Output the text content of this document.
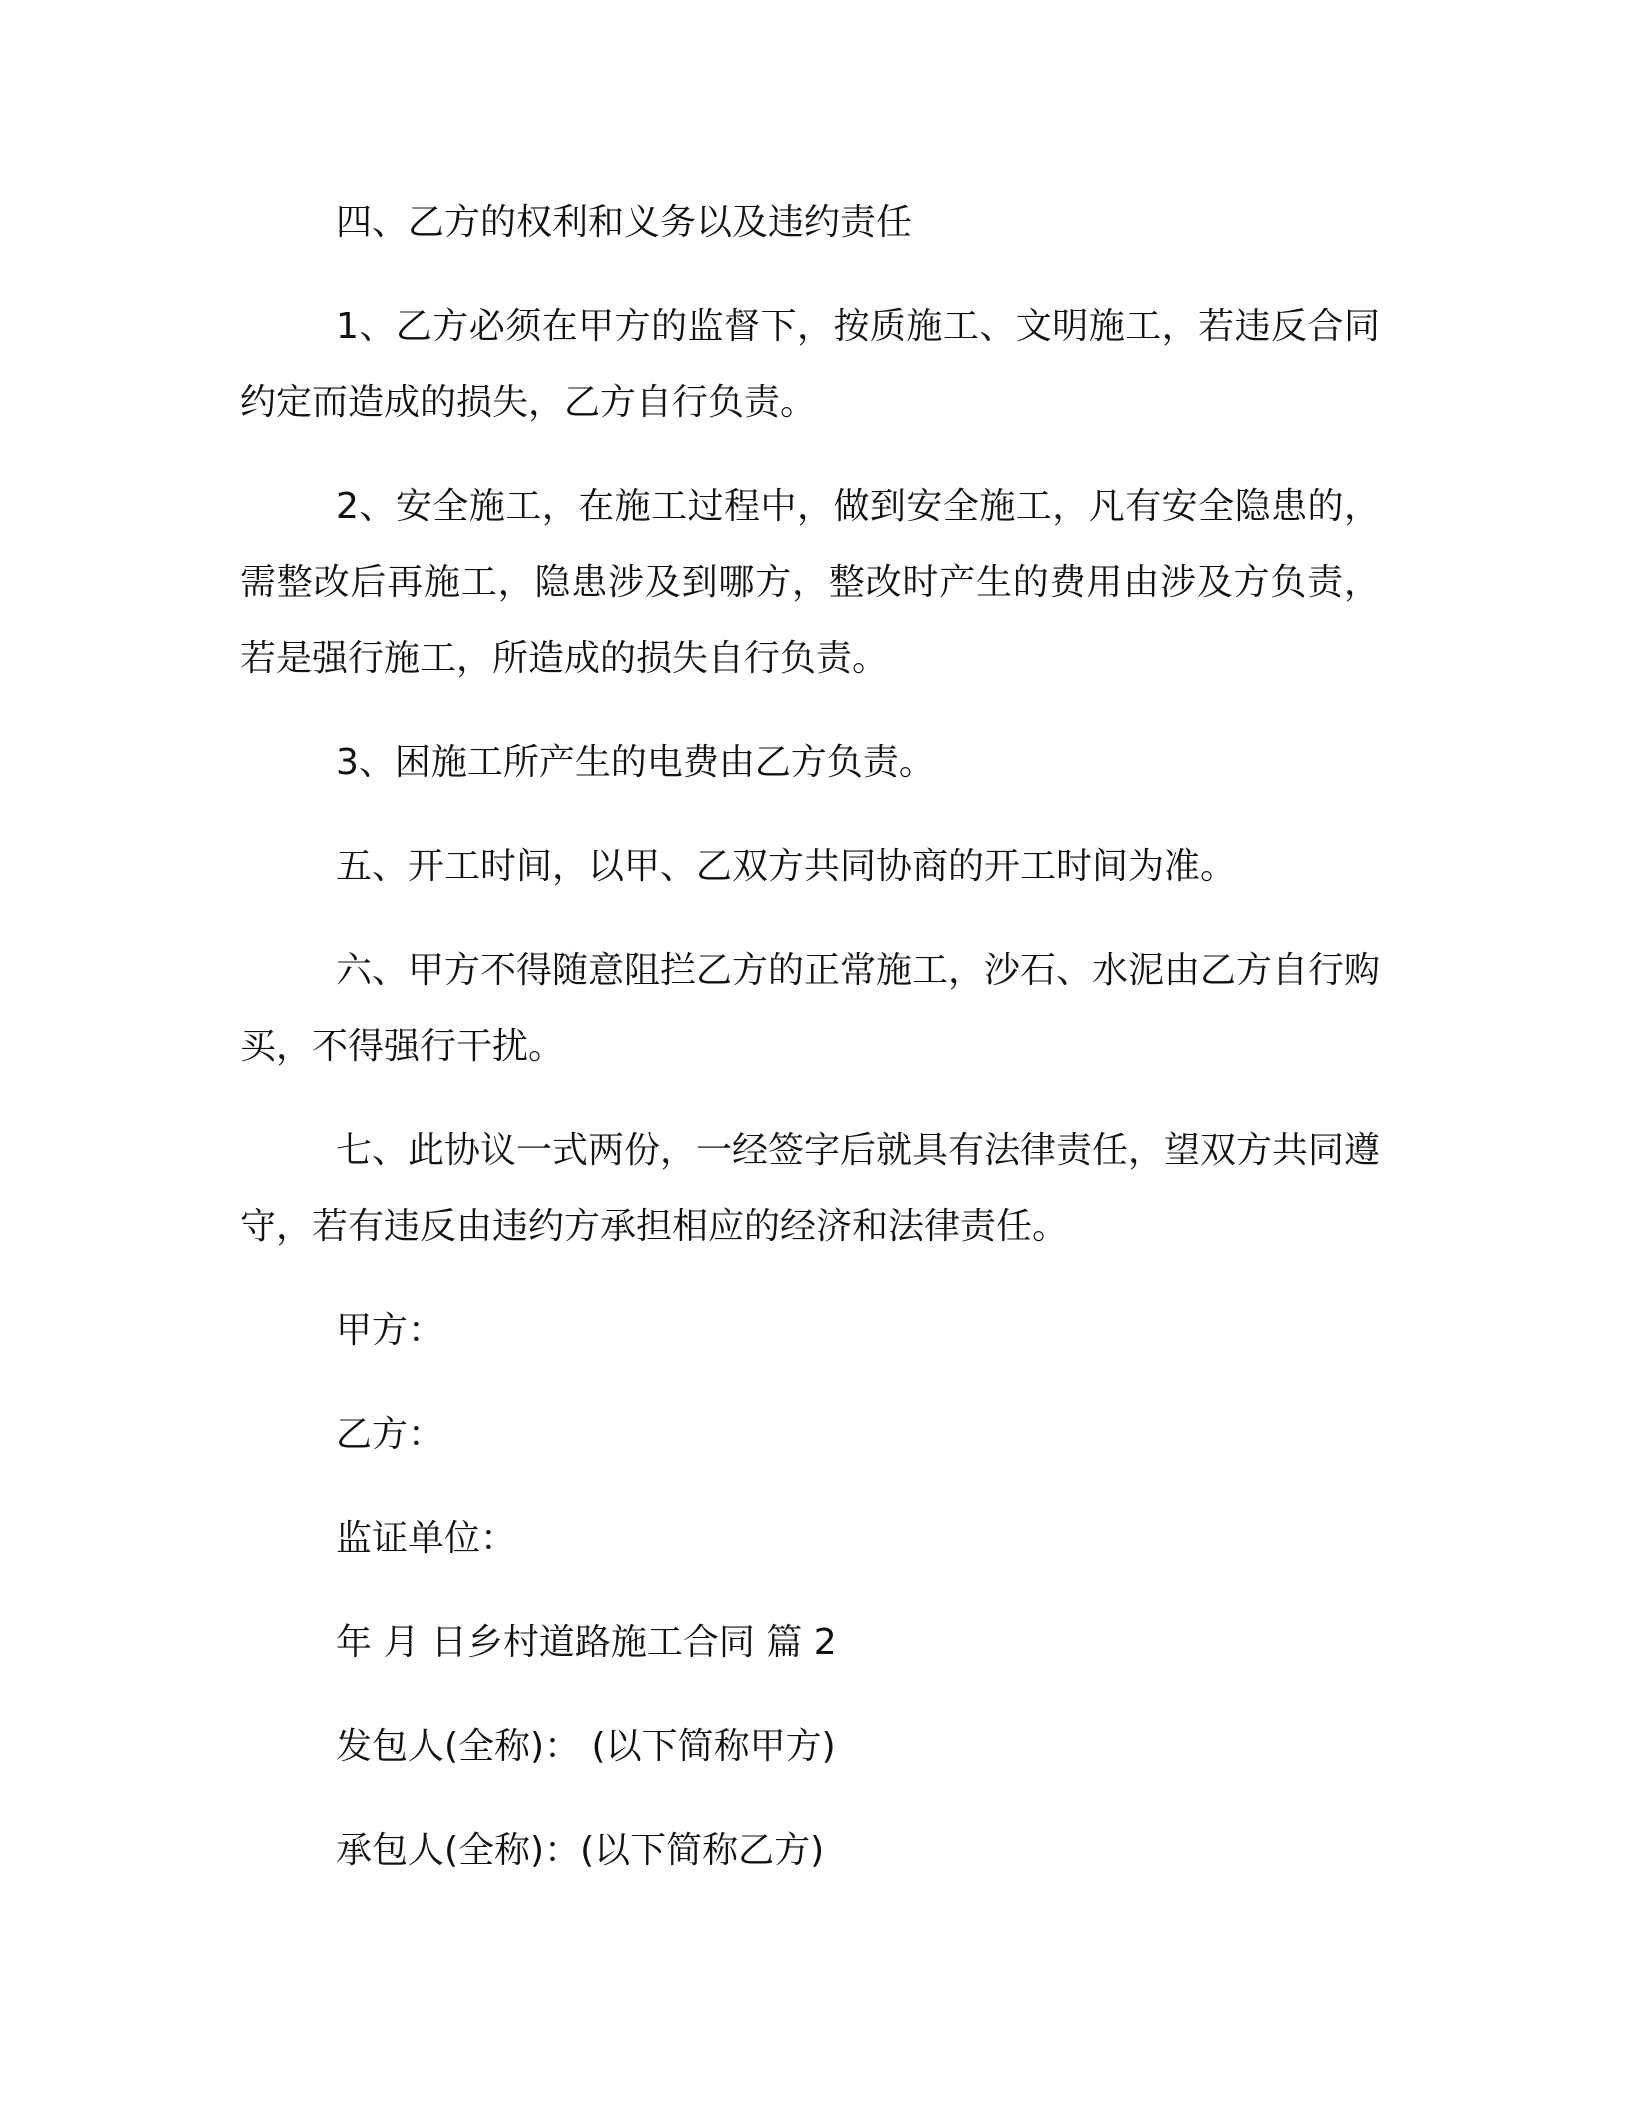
四、乙方的权利和义务以及违约责任

1、乙方必须在甲方的监督下，按质施工、文明施工，若违反合同约定而造成的损失，乙方自行负责。

2、安全施工，在施工过程中，做到安全施工，凡有安全隐患的，需整改后再施工，隐患涉及到哪方，整改时产生的费用由涉及方负责，若是强行施工，所造成的损失自行负责。

3、困施工所产生的电费由乙方负责。

五、开工时间，以甲、乙双方共同协商的开工时间为准。

六、甲方不得随意阻拦乙方的正常施工，沙石、水泥由乙方自行购买，不得强行干扰。

七、此协议一式两份，一经签字后就具有法律责任，望双方共同遵守，若有违反由违约方承担相应的经济和法律责任。

甲方：

乙方：

监证单位：

年 月 日乡村道路施工合同 篇 2

发包人(全称)： (以下简称甲方)

承包人(全称)：(以下简称乙方)
